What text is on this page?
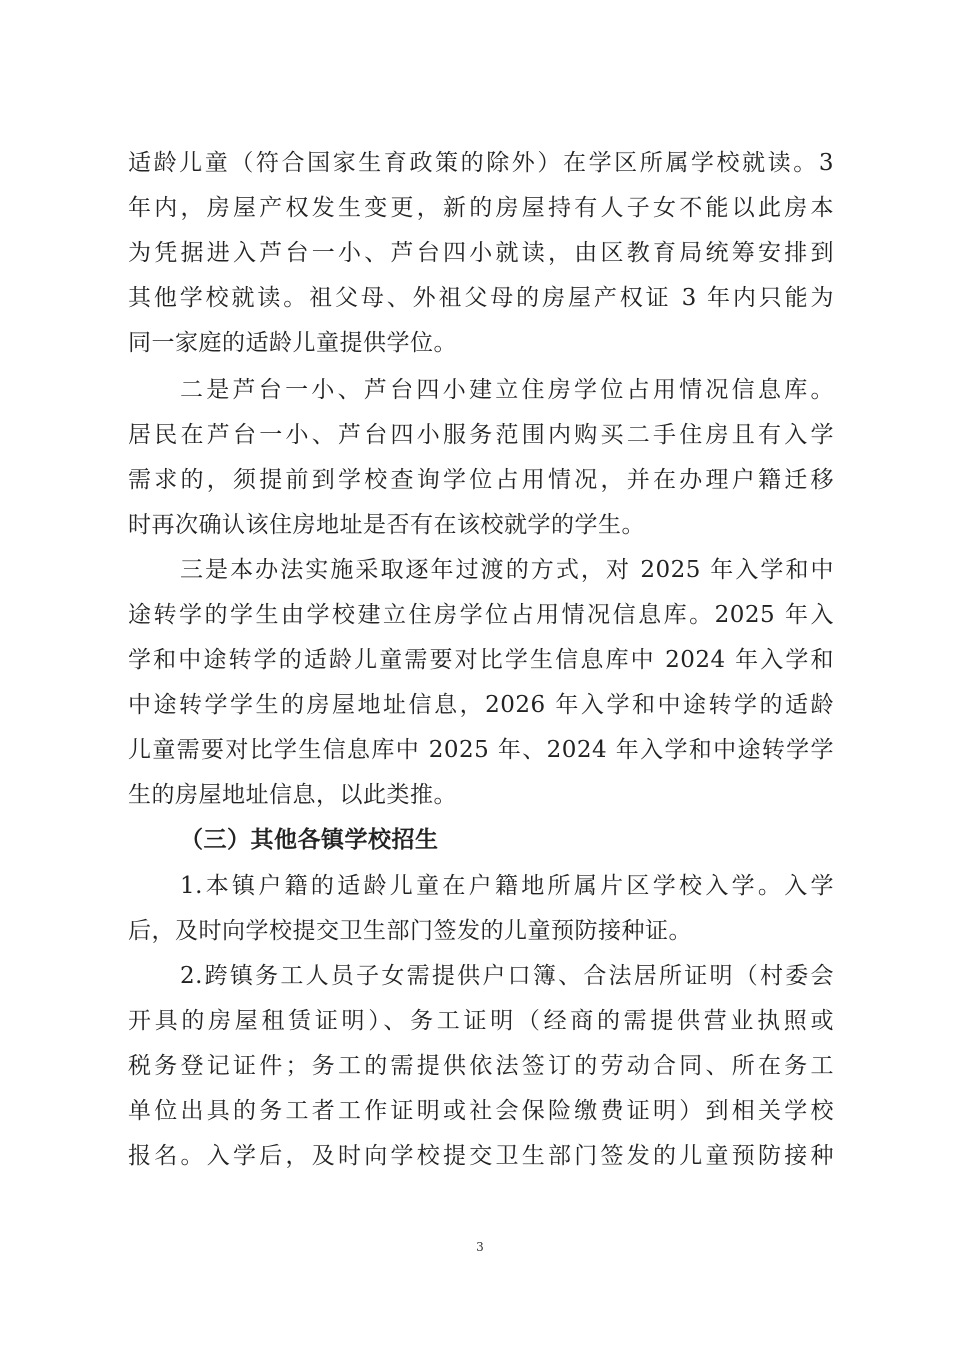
适龄儿童（符合国家生育政策的除外）在学区所属学校就读。3
年内，房屋产权发生变更，新的房屋持有人子女不能以此房本
为凭据进入芦台一小、芦台四小就读，由区教育局统筹安排到
其他学校就读。祖父母、外祖父母的房屋产权证 3 年内只能为
同一家庭的适龄儿童提供学位。
二是芦台一小、芦台四小建立住房学位占用情况信息库。
居民在芦台一小、芦台四小服务范围内购买二手住房且有入学
需求的，须提前到学校查询学位占用情况，并在办理户籍迁移
时再次确认该住房地址是否有在该校就学的学生。
三是本办法实施采取逐年过渡的方式，对 2025 年入学和中
途转学的学生由学校建立住房学位占用情况信息库。2025 年入
学和中途转学的适龄儿童需要对比学生信息库中 2024 年入学和
中途转学学生的房屋地址信息，2026 年入学和中途转学的适龄
儿童需要对比学生信息库中 2025 年、2024 年入学和中途转学学
生的房屋地址信息，以此类推。
（三）其他各镇学校招生
1.本镇户籍的适龄儿童在户籍地所属片区学校入学。入学
后，及时向学校提交卫生部门签发的儿童预防接种证。
2.跨镇务工人员子女需提供户口簿、合法居所证明（村委会
开具的房屋租赁证明）、务工证明（经商的需提供营业执照或
税务登记证件；务工的需提供依法签订的劳动合同、所在务工
单位出具的务工者工作证明或社会保险缴费证明）到相关学校
报名。入学后，及时向学校提交卫生部门签发的儿童预防接种
3
